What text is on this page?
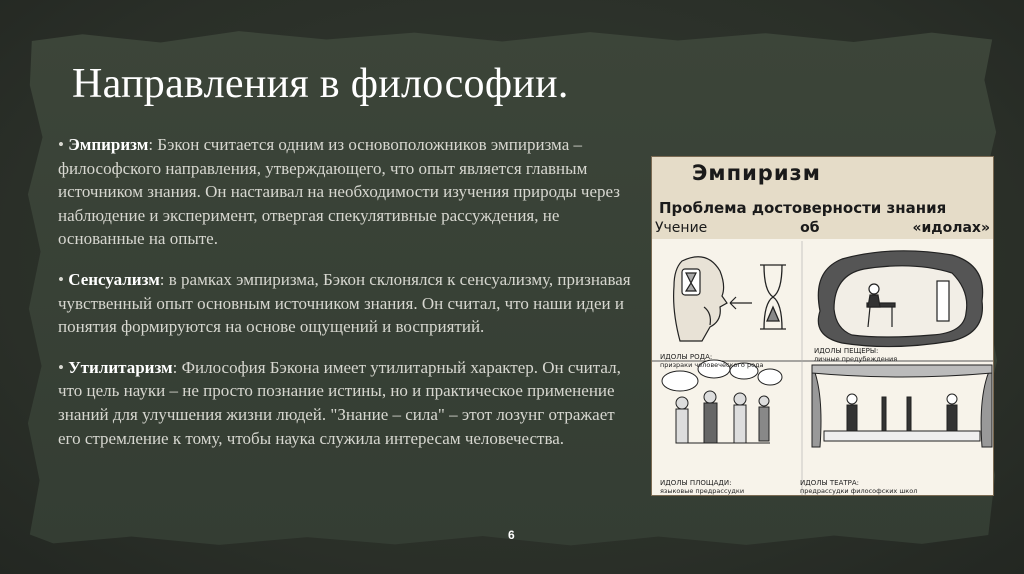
Направления в философии.

• Эмпиризм: Бэкон считается одним из основоположников эмпиризма – философского направления, утверждающего, что опыт является главным источником знания. Он настаивал на необходимости изучения природы через наблюдение и эксперимент, отвергая спекулятивные рассуждения, не основанные на опыте.

• Сенсуализм: в рамках эмпиризма, Бэкон склонялся к сенсуализму, признавая чувственный опыт основным источником знания. Он считал, что наши идеи и понятия формируются на основе ощущений и восприятий.

• Утилитаризм: Философия Бэкона имеет утилитарный характер. Он считал, что цель науки – не просто познание истины, но и практическое применение знаний для улучшения жизни людей. "Знание – сила" – этот лозунг отражает его стремление к тому, чтобы наука служила интересам человечества.

Эмпиризм
Проблема достоверности знания
Учение	об	«идолах»
ИДОЛЫ РОДА:
призраки человеческого рода
ИДОЛЫ ПЕЩЕРЫ:
личные предубеждения
ИДОЛЫ ПЛОЩАДИ:
языковые предрассудки
ИДОЛЫ ТЕАТРА:
предрассудки философских школ
6
